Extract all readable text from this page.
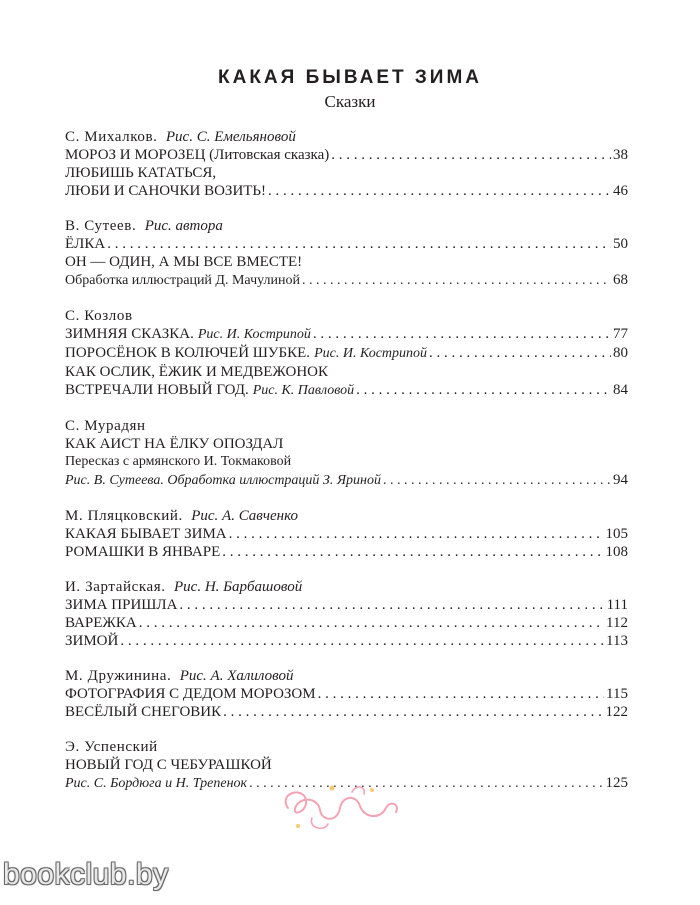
КАКАЯ БЫВАЕТ ЗИМА
Сказки
С. Михалков. Рис. С. Емельяновой
МОРОЗ И МОРОЗЕЦ (Литовская сказка) . . .	38
ЛЮБИШЬ КАТАТЬСЯ,
ЛЮБИ И САНОЧКИ ВОЗИТЬ! . . .	46
В. Сутеев. Рис. автора
ЁЛКА . . .	50
ОН — ОДИН, А МЫ ВСЕ ВМЕСТЕ!
Обработка иллюстраций Д. Мачулиной . . .	68
С. Козлов
ЗИМНЯЯ СКАЗКА. Рис. И. Кострипой . . .	77
ПОРОСЁНОК В КОЛЮЧЕЙ ШУБКЕ. Рис. И. Кострипой . . .	80
КАК ОСЛИК, ЁЖИК И МЕДВЕЖОНОК
ВСТРЕЧАЛИ НОВЫЙ ГОД. Рис. К. Павловой . . .	84
С. Мурадян
КАК АИСТ НА ЁЛКУ ОПОЗДАЛ
Пересказ с армянского И. Токмаковой
Рис. В. Сутеева. Обработка иллюстраций З. Яриной . . .	94
М. Пляцковский. Рис. А. Савченко
КАКАЯ БЫВАЕТ ЗИМА . . .	105
РОМАШКИ В ЯНВАРЕ . . .	108
И. Зартайская. Рис. Н. Барбашовой
ЗИМА ПРИШЛА . . .	111
ВАРЕЖКА . . .	112
ЗИМОЙ . . .	113
М. Дружинина. Рис. А. Халиловой
ФОТОГРАФИЯ С ДЕДОМ МОРОЗОМ . . .	115
ВЕСЁЛЫЙ СНЕГОВИК . . .	122
Э. Успенский
НОВЫЙ ГОД С ЧЕБУРАШКОЙ
Рис. С. Бордюга и Н. Трепенок . . .	125
bookclub.by
